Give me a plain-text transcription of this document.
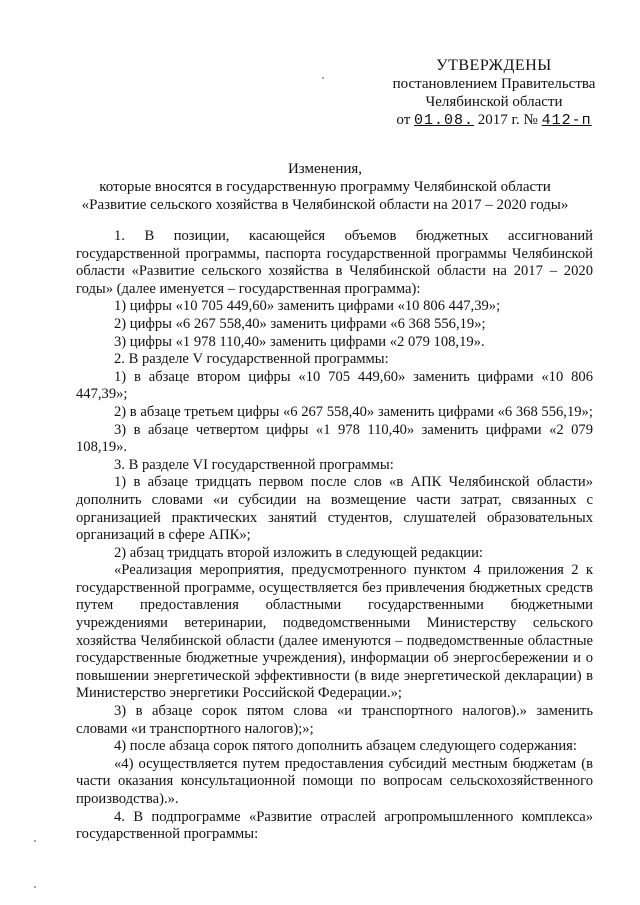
УТВЕРЖДЕНЫ
постановлением Правительства
Челябинской области
от 01.08. 2017 г. № 412-п
Изменения,
которые вносятся в государственную программу Челябинской области
«Развитие сельского хозяйства в Челябинской области на 2017 – 2020 годы»

1. В позиции, касающейся объемов бюджетных ассигнований государственной программы, паспорта государственной программы Челябинской области «Развитие сельского хозяйства в Челябинской области на 2017 – 2020 годы» (далее именуется – государственная программа):

1) цифры «10 705 449,60» заменить цифрами «10 806 447,39»;

2) цифры «6 267 558,40» заменить цифрами «6 368 556,19»;

3) цифры «1 978 110,40» заменить цифрами «2 079 108,19».

2. В разделе V государственной программы:

1) в абзаце втором цифры «10 705 449,60» заменить цифрами «10 806 447,39»;

2) в абзаце третьем цифры «6 267 558,40» заменить цифрами «6 368 556,19»;

3) в абзаце четвертом цифры «1 978 110,40» заменить цифрами «2 079 108,19».

3. В разделе VI государственной программы:

1) в абзаце тридцать первом после слов «в АПК Челябинской области» дополнить словами «и субсидии на возмещение части затрат, связанных с организацией практических занятий студентов, слушателей образовательных организаций в сфере АПК»;

2) абзац тридцать второй изложить в следующей редакции:

«Реализация мероприятия, предусмотренного пунктом 4 приложения 2 к государственной программе, осуществляется без привлечения бюджетных средств путем предоставления областными государственными бюджетными учреждениями ветеринарии, подведомственными Министерству сельского хозяйства Челябинской области (далее именуются – подведомственные областные государственные бюджетные учреждения), информации об энергосбережении и о повышении энергетической эффективности (в виде энергетической декларации) в Министерство энергетики Российской Федерации.»;

3) в абзаце сорок пятом слова «и транспортного налогов).» заменить словами «и транспортного налогов);»;

4) после абзаца сорок пятого дополнить абзацем следующего содержания:

«4) осуществляется путем предоставления субсидий местным бюджетам (в части оказания консультационной помощи по вопросам сельскохозяйственного производства).».

4. В подпрограмме «Развитие отраслей агропромышленного комплекса» государственной программы:
